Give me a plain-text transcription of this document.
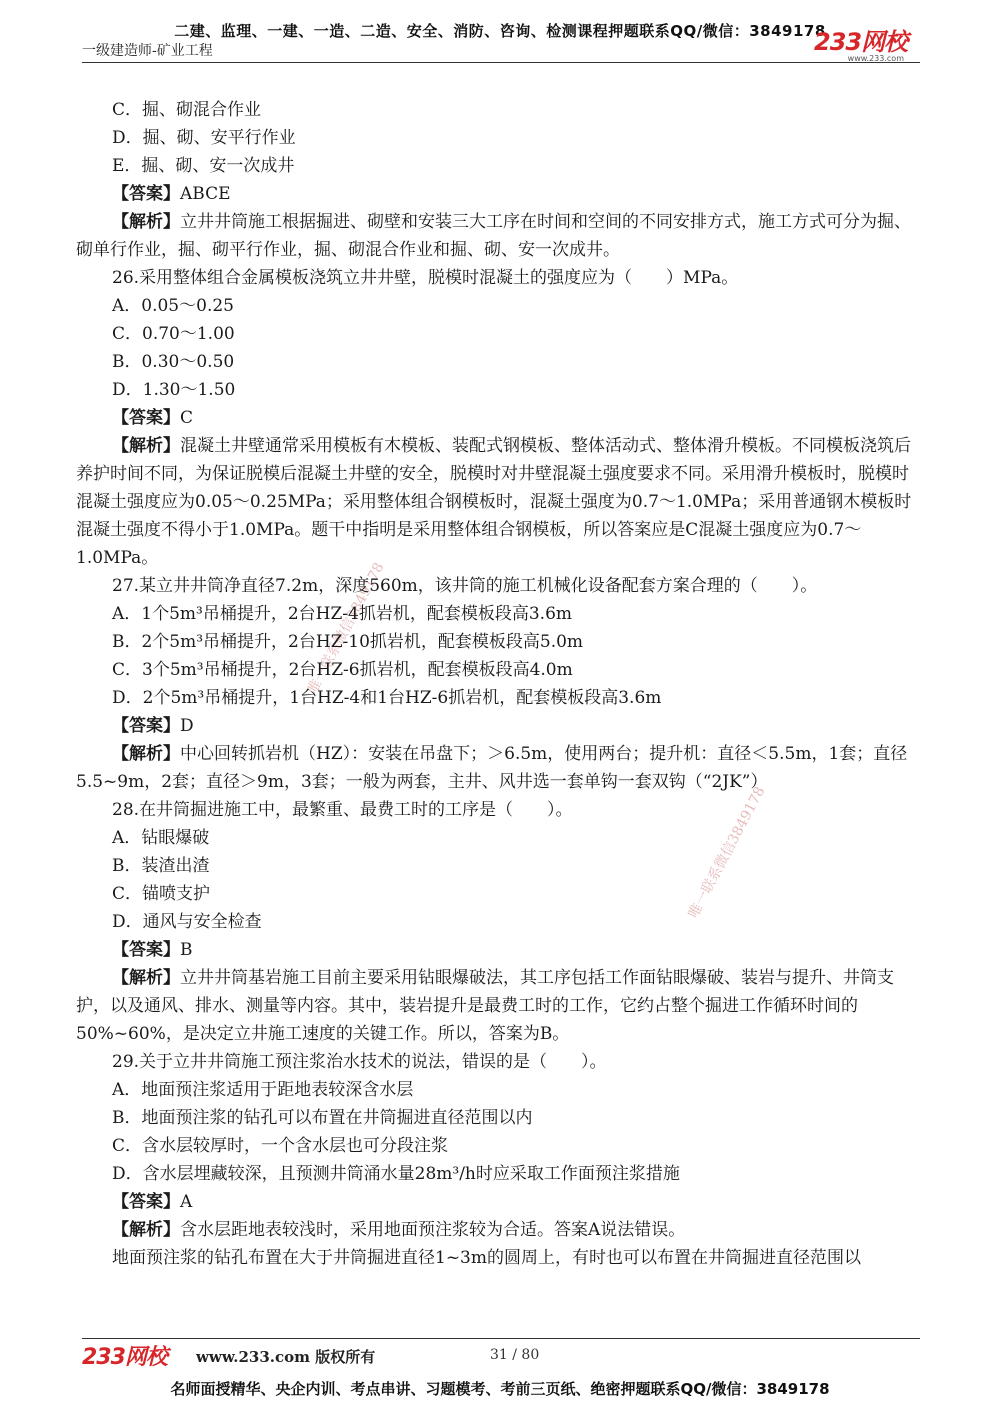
二建、监理、一建、一造、二造、安全、消防、咨询、检测课程押题联系QQ/微信：3849178
一级建造师-矿业工程	233网校
www.233.com
唯一联系微信3849178
唯一联系微信3849178

C．掘、砌混合作业

D．掘、砌、安平行作业

E．掘、砌、安一次成井

【答案】ABCE

【解析】立井井筒施工根据掘进、砌壁和安装三大工序在时间和空间的不同安排方式，施工方式可分为掘、砌单行作业，掘、砌平行作业，掘、砌混合作业和掘、砌、安一次成井。

26.采用整体组合金属模板浇筑立井井壁，脱模时混凝土的强度应为（　　）MPa。

A．0.05～0.25

C．0.70～1.00

B．0.30～0.50

D．1.30～1.50

【答案】C

【解析】混凝土井壁通常采用模板有木模板、装配式钢模板、整体活动式、整体滑升模板。不同模板浇筑后养护时间不同，为保证脱模后混凝土井壁的安全，脱模时对井壁混凝土强度要求不同。采用滑升模板时，脱模时混凝土强度应为0.05～0.25MPa；采用整体组合钢模板时，混凝土强度为0.7～1.0MPa；采用普通钢木模板时混凝土强度不得小于1.0MPa。题干中指明是采用整体组合钢模板，所以答案应是C混凝土强度应为0.7～1.0MPa。

27.某立井井筒净直径7.2m，深度560m，该井筒的施工机械化设备配套方案合理的（　　）。

A．1个5m³吊桶提升，2台HZ-4抓岩机，配套模板段高3.6m

B．2个5m³吊桶提升，2台HZ-10抓岩机，配套模板段高5.0m

C．3个5m³吊桶提升，2台HZ-6抓岩机，配套模板段高4.0m

D．2个5m³吊桶提升，1台HZ-4和1台HZ-6抓岩机，配套模板段高3.6m

【答案】D

【解析】中心回转抓岩机（HZ）：安装在吊盘下；＞6.5m，使用两台；提升机：直径＜5.5m，1套；直径5.5~9m，2套；直径＞9m，3套；一般为两套，主井、风井选一套单钩一套双钩（“2JK”）

28.在井筒掘进施工中，最繁重、最费工时的工序是（　　）。

A．钻眼爆破

B．装渣出渣

C．锚喷支护

D．通风与安全检查

【答案】B

【解析】立井井筒基岩施工目前主要采用钻眼爆破法，其工序包括工作面钻眼爆破、装岩与提升、井筒支护，以及通风、排水、测量等内容。其中，装岩提升是最费工时的工作，它约占整个掘进工作循环时间的50%~60%，是决定立井施工速度的关键工作。所以，答案为B。

29.关于立井井筒施工预注浆治水技术的说法，错误的是（　　）。

A．地面预注浆适用于距地表较深含水层

B．地面预注浆的钻孔可以布置在井筒掘进直径范围以内

C．含水层较厚时，一个含水层也可分段注浆

D．含水层埋藏较深，且预测井筒涌水量28m³/h时应采取工作面预注浆措施

【答案】A

【解析】含水层距地表较浅时，采用地面预注浆较为合适。答案A说法错误。

地面预注浆的钻孔布置在大于井筒掘进直径1~3m的圆周上，有时也可以布置在井筒掘进直径范围以

233网校 www.233.com 版权所有	31 / 80
名师面授精华、央企内训、考点串讲、习题模考、考前三页纸、绝密押题联系QQ/微信：3849178
